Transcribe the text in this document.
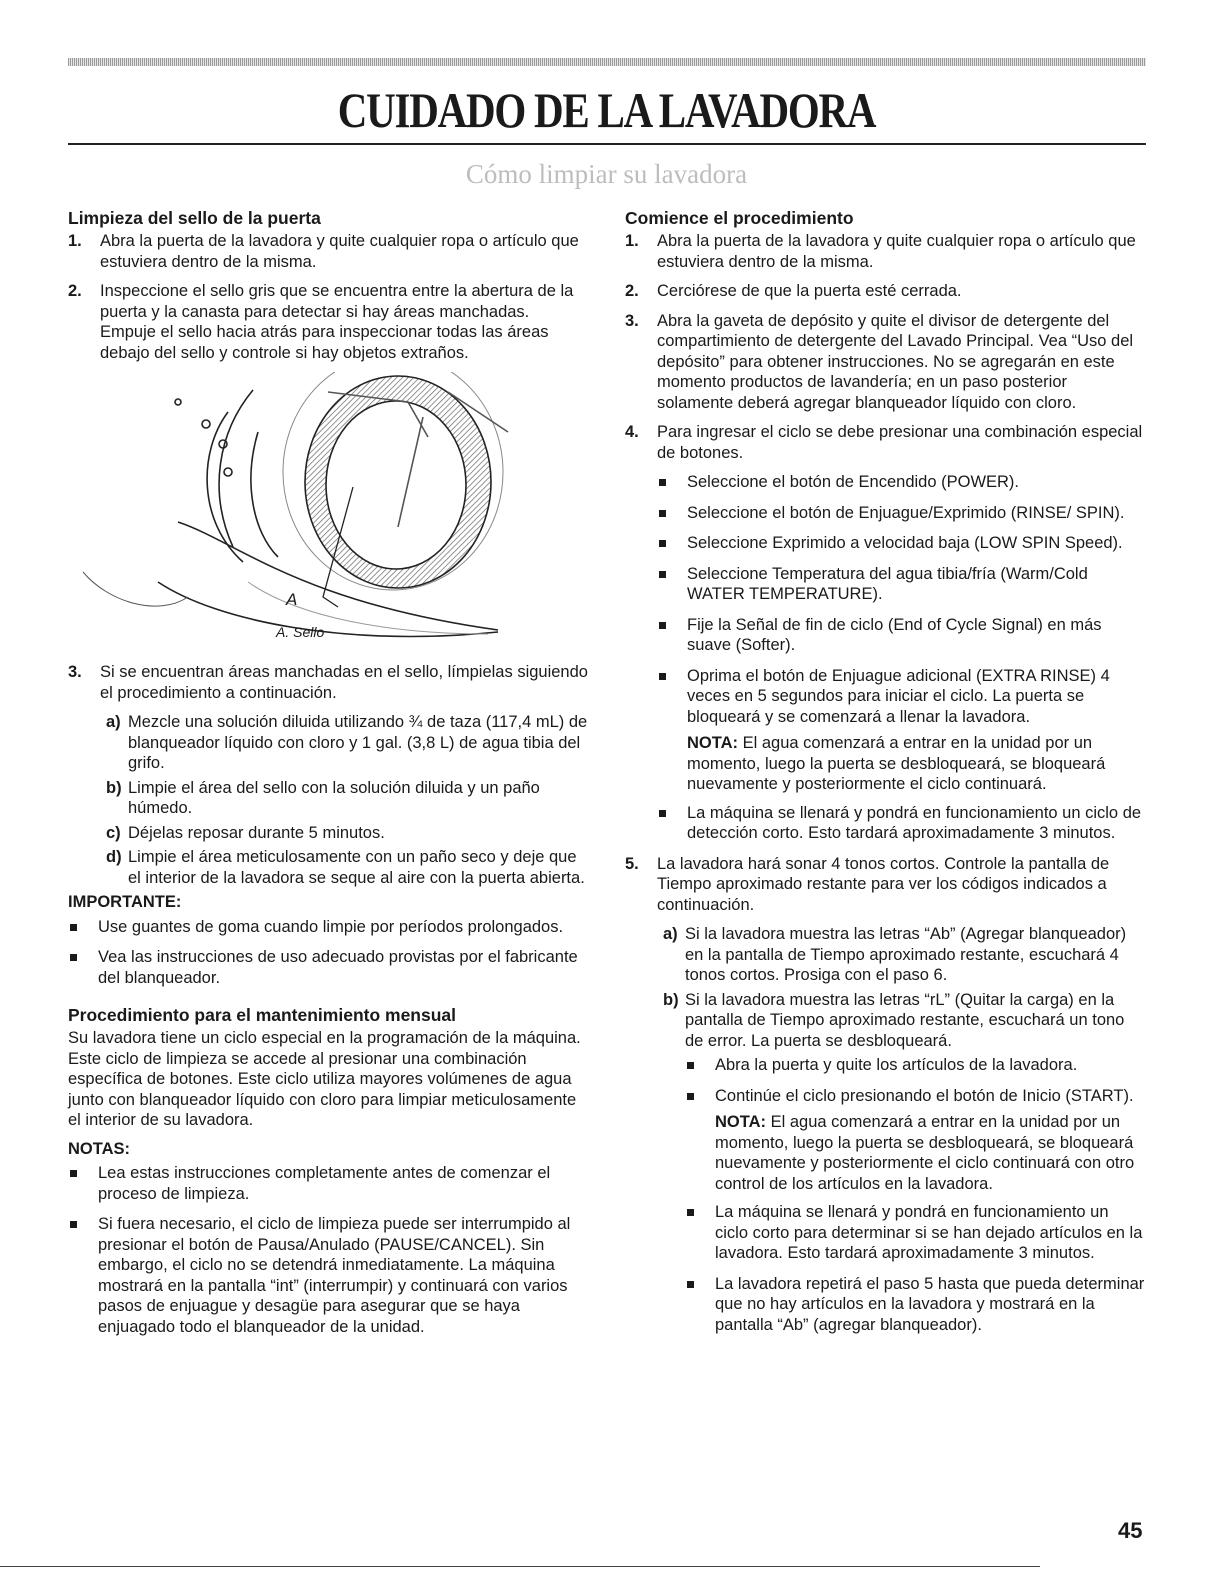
CUIDADO DE LA LAVADORA
Cómo limpiar su lavadora
Limpieza del sello de la puerta
1. Abra la puerta de la lavadora y quite cualquier ropa o artículo que estuviera dentro de la misma.
2. Inspeccione el sello gris que se encuentra entre la abertura de la puerta y la canasta para detectar si hay áreas manchadas. Empuje el sello hacia atrás para inspeccionar todas las áreas debajo del sello y controle si hay objetos extraños.
A
A. Sello
3. Si se encuentran áreas manchadas en el sello, límpielas siguiendo el procedimiento a continuación.
a) Mezcle una solución diluida utilizando ¾ de taza (117,4 mL) de blanqueador líquido con cloro y 1 gal. (3,8 L) de agua tibia del grifo.
b) Limpie el área del sello con la solución diluida y un paño húmedo.
c) Déjelas reposar durante 5 minutos.
d) Limpie el área meticulosamente con un paño seco y deje que el interior de la lavadora se seque al aire con la puerta abierta.
IMPORTANTE:
Use guantes de goma cuando limpie por períodos prolongados.
Vea las instrucciones de uso adecuado provistas por el fabricante del blanqueador.
Procedimiento para el mantenimiento mensual
Su lavadora tiene un ciclo especial en la programación de la máquina. Este ciclo de limpieza se accede al presionar una combinación específica de botones. Este ciclo utiliza mayores volúmenes de agua junto con blanqueador líquido con cloro para limpiar meticulosamente el interior de su lavadora.
NOTAS:
Lea estas instrucciones completamente antes de comenzar el proceso de limpieza.
Si fuera necesario, el ciclo de limpieza puede ser interrumpido al presionar el botón de Pausa/Anulado (PAUSE/CANCEL). Sin embargo, el ciclo no se detendrá inmediatamente. La máquina mostrará en la pantalla “int” (interrumpir) y continuará con varios pasos de enjuague y desagüe para asegurar que se haya enjuagado todo el blanqueador de la unidad.
Comience el procedimiento
1. Abra la puerta de la lavadora y quite cualquier ropa o artículo que estuviera dentro de la misma.
2. Cerciórese de que la puerta esté cerrada.
3. Abra la gaveta de depósito y quite el divisor de detergente del compartimiento de detergente del Lavado Principal. Vea “Uso del depósito” para obtener instrucciones. No se agregarán en este momento productos de lavandería; en un paso posterior solamente deberá agregar blanqueador líquido con cloro.
4. Para ingresar el ciclo se debe presionar una combinación especial de botones.
Seleccione el botón de Encendido (POWER).
Seleccione el botón de Enjuague/Exprimido (RINSE/ SPIN).
Seleccione Exprimido a velocidad baja (LOW SPIN Speed).
Seleccione Temperatura del agua tibia/fría (Warm/Cold WATER TEMPERATURE).
Fije la Señal de fin de ciclo (End of Cycle Signal) en más suave (Softer).
Oprima el botón de Enjuague adicional (EXTRA RINSE) 4 veces en 5 segundos para iniciar el ciclo. La puerta se bloqueará y se comenzará a llenar la lavadora.
NOTA: El agua comenzará a entrar en la unidad por un momento, luego la puerta se desbloqueará, se bloqueará nuevamente y posteriormente el ciclo continuará.
La máquina se llenará y pondrá en funcionamiento un ciclo de detección corto. Esto tardará aproximadamente 3 minutos.
5. La lavadora hará sonar 4 tonos cortos. Controle la pantalla de Tiempo aproximado restante para ver los códigos indicados a continuación.
a) Si la lavadora muestra las letras “Ab” (Agregar blanqueador) en la pantalla de Tiempo aproximado restante, escuchará 4 tonos cortos. Prosiga con el paso 6.
b) Si la lavadora muestra las letras “rL” (Quitar la carga) en la pantalla de Tiempo aproximado restante, escuchará un tono de error. La puerta se desbloqueará.
Abra la puerta y quite los artículos de la lavadora.
Continúe el ciclo presionando el botón de Inicio (START).
NOTA: El agua comenzará a entrar en la unidad por un momento, luego la puerta se desbloqueará, se bloqueará nuevamente y posteriormente el ciclo continuará con otro control de los artículos en la lavadora.
La máquina se llenará y pondrá en funcionamiento un ciclo corto para determinar si se han dejado artículos en la lavadora. Esto tardará aproximadamente 3 minutos.
La lavadora repetirá el paso 5 hasta que pueda determinar que no hay artículos en la lavadora y mostrará en la pantalla “Ab” (agregar blanqueador).
45
